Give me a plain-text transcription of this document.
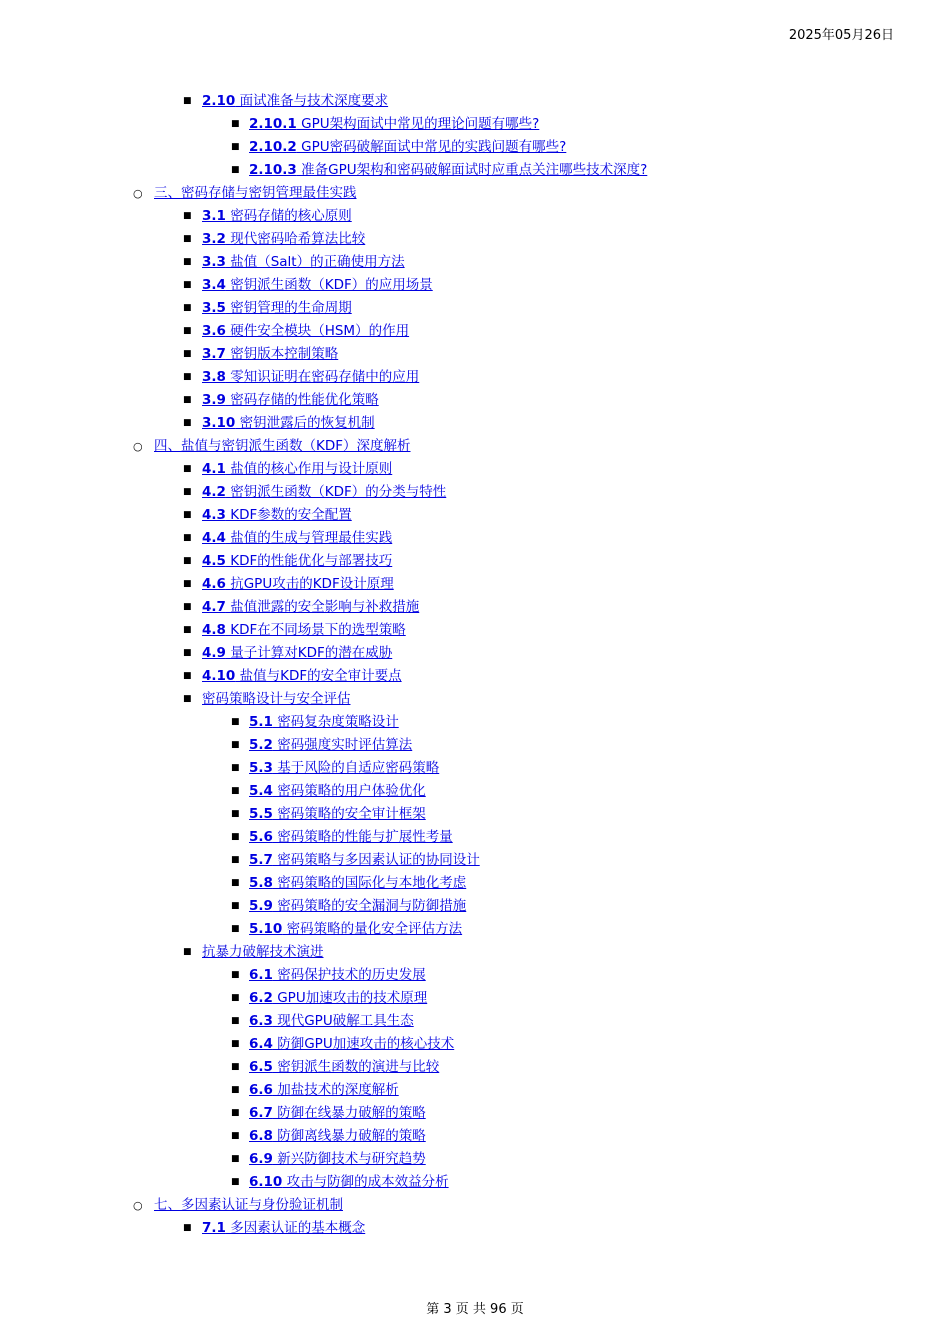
2025年05月26日
■ 2.10 面试准备与技术深度要求
■ 2.10.1 GPU架构面试中常见的理论问题有哪些?
■ 2.10.2 GPU密码破解面试中常见的实践问题有哪些?
■ 2.10.3 准备GPU架构和密码破解面试时应重点关注哪些技术深度?
○ 三、密码存储与密钥管理最佳实践
■ 3.1 密码存储的核心原则
■ 3.2 现代密码哈希算法比较
■ 3.3 盐值（Salt）的正确使用方法
■ 3.4 密钥派生函数（KDF）的应用场景
■ 3.5 密钥管理的生命周期
■ 3.6 硬件安全模块（HSM）的作用
■ 3.7 密钥版本控制策略
■ 3.8 零知识证明在密码存储中的应用
■ 3.9 密码存储的性能优化策略
■ 3.10 密钥泄露后的恢复机制
○ 四、盐值与密钥派生函数（KDF）深度解析
■ 4.1 盐值的核心作用与设计原则
■ 4.2 密钥派生函数（KDF）的分类与特性
■ 4.3 KDF参数的安全配置
■ 4.4 盐值的生成与管理最佳实践
■ 4.5 KDF的性能优化与部署技巧
■ 4.6 抗GPU攻击的KDF设计原理
■ 4.7 盐值泄露的安全影响与补救措施
■ 4.8 KDF在不同场景下的选型策略
■ 4.9 量子计算对KDF的潜在威胁
■ 4.10 盐值与KDF的安全审计要点
■ 密码策略设计与安全评估
■ 5.1 密码复杂度策略设计
■ 5.2 密码强度实时评估算法
■ 5.3 基于风险的自适应密码策略
■ 5.4 密码策略的用户体验优化
■ 5.5 密码策略的安全审计框架
■ 5.6 密码策略的性能与扩展性考量
■ 5.7 密码策略与多因素认证的协同设计
■ 5.8 密码策略的国际化与本地化考虑
■ 5.9 密码策略的安全漏洞与防御措施
■ 5.10 密码策略的量化安全评估方法
■ 抗暴力破解技术演进
■ 6.1 密码保护技术的历史发展
■ 6.2 GPU加速攻击的技术原理
■ 6.3 现代GPU破解工具生态
■ 6.4 防御GPU加速攻击的核心技术
■ 6.5 密钥派生函数的演进与比较
■ 6.6 加盐技术的深度解析
■ 6.7 防御在线暴力破解的策略
■ 6.8 防御离线暴力破解的策略
■ 6.9 新兴防御技术与研究趋势
■ 6.10 攻击与防御的成本效益分析
○ 七、多因素认证与身份验证机制
■ 7.1 多因素认证的基本概念
第 3 页 共 96 页
